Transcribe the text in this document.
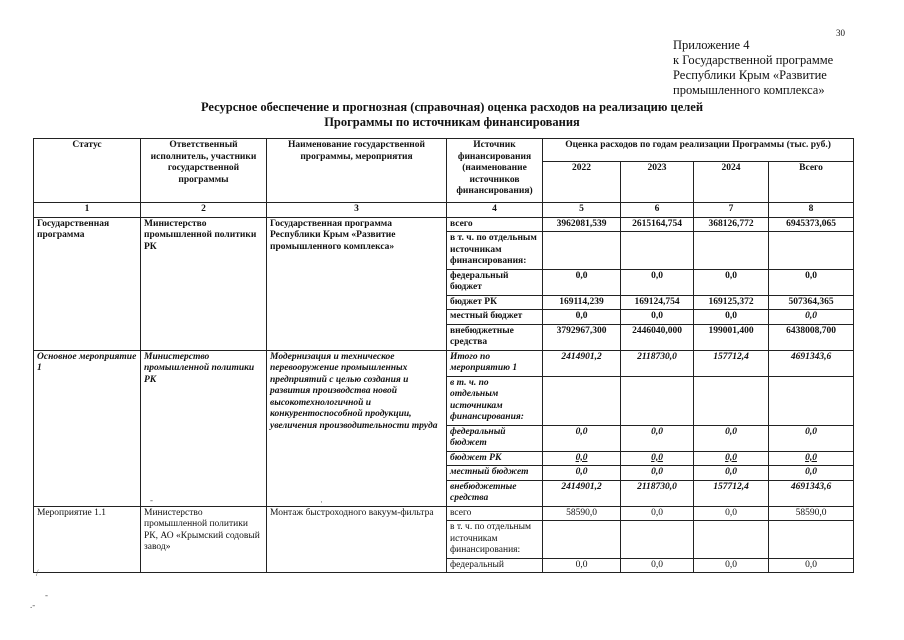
30
Приложение 4
к Государственной программе
Республики Крым «Развитие
промышленного комплекса»
Ресурсное обеспечение и прогнозная (справочная) оценка расходов на реализацию целей
Программы по источникам финансирования
Статус	Ответственный исполнитель, участники государственной программы	Наименование государственной программы, мероприятия	Источник финансирования (наименование источников финансирования)	Оценка расходов по годам реализации Программы (тыс. руб.)			
				2022	2023	2024	Всего
1	2	3	4	5	6	7	8
Государственная программа	Министерство промышленной политики РК	Государственная программа Республики Крым «Развитие промышленного комплекса»	всего	3962081,539	2615164,754	368126,772	6945373,065
			в т. ч. по отдельным источникам финансирования:				
			федеральный бюджет	0,0	0,0	0,0	0,0
			бюджет РК	169114,239	169124,754	169125,372	507364,365
			местный бюджет	0,0	0,0	0,0	0,0
			внебюджетные средства	3792967,300	2446040,000	199001,400	6438008,700
Основное мероприятие 1	Министерство промышленной политики РК	Модернизация и техническое перевооружение промышленных предприятий с целью создания и развития производства новой высокотехнологичной и конкурентоспособной продукции, увеличения производительности труда	Итого по мероприятию 1	2414901,2	2118730,0	157712,4	4691343,6
			в т. ч. по отдельным источникам финансирования:				
			федеральный бюджет	0,0	0,0	0,0	0,0
			бюджет РК	0,0	0,0	0,0	0,0
			местный бюджет	0,0	0,0	0,0	0,0
			внебюджетные средства	2414901,2	2118730,0	157712,4	4691343,6
Мероприятие 1.1	Министерство промышленной политики РК, АО «Крымский содовый завод»	Монтаж быстроходного вакуум-фильтра	всего	58590,0	0,0	0,0	58590,0
			в т. ч. по отдельным источникам финансирования:				
			федеральный	0,0	0,0	0,0	0,0
-	·
/
-
.-
